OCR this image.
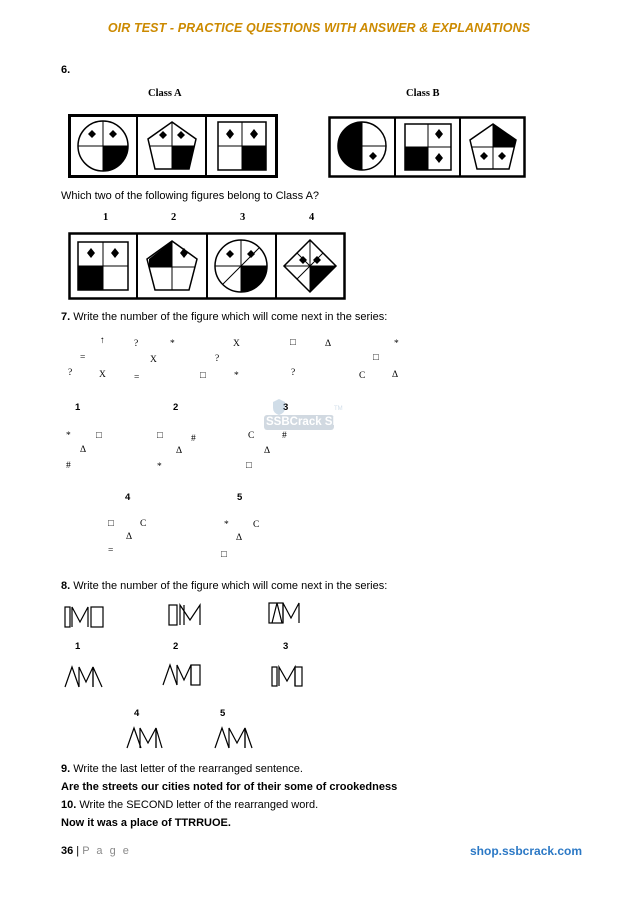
OIR TEST - PRACTICE QUESTIONS WITH ANSWER & EXPLANATIONS
6.
Class A	Class B
Which two of the following figures belong to Class A?
1	2	3	4
7. Write the number of the figure which will come next in the series:
↑	?	*
=	X
?	X	=
X
?
□	*
□	Δ	*
□
?	C	Δ
1
*	□
Δ
#
2
□	#
Δ
*
3
C	#
Δ
□
4
□	C
Δ
=
5
*	C
Δ
□
SSBCrack SHOP
TM
8. Write the number of the figure which will come next in the series:
1	2	3
4	5
9. Write the last letter of the rearranged sentence.
Are the streets our cities noted for of their some of crookedness
10. Write the SECOND letter of the rearranged word.
Now it was a place of TTRRUOE.
36 | P a g e	shop.ssbcrack.com
